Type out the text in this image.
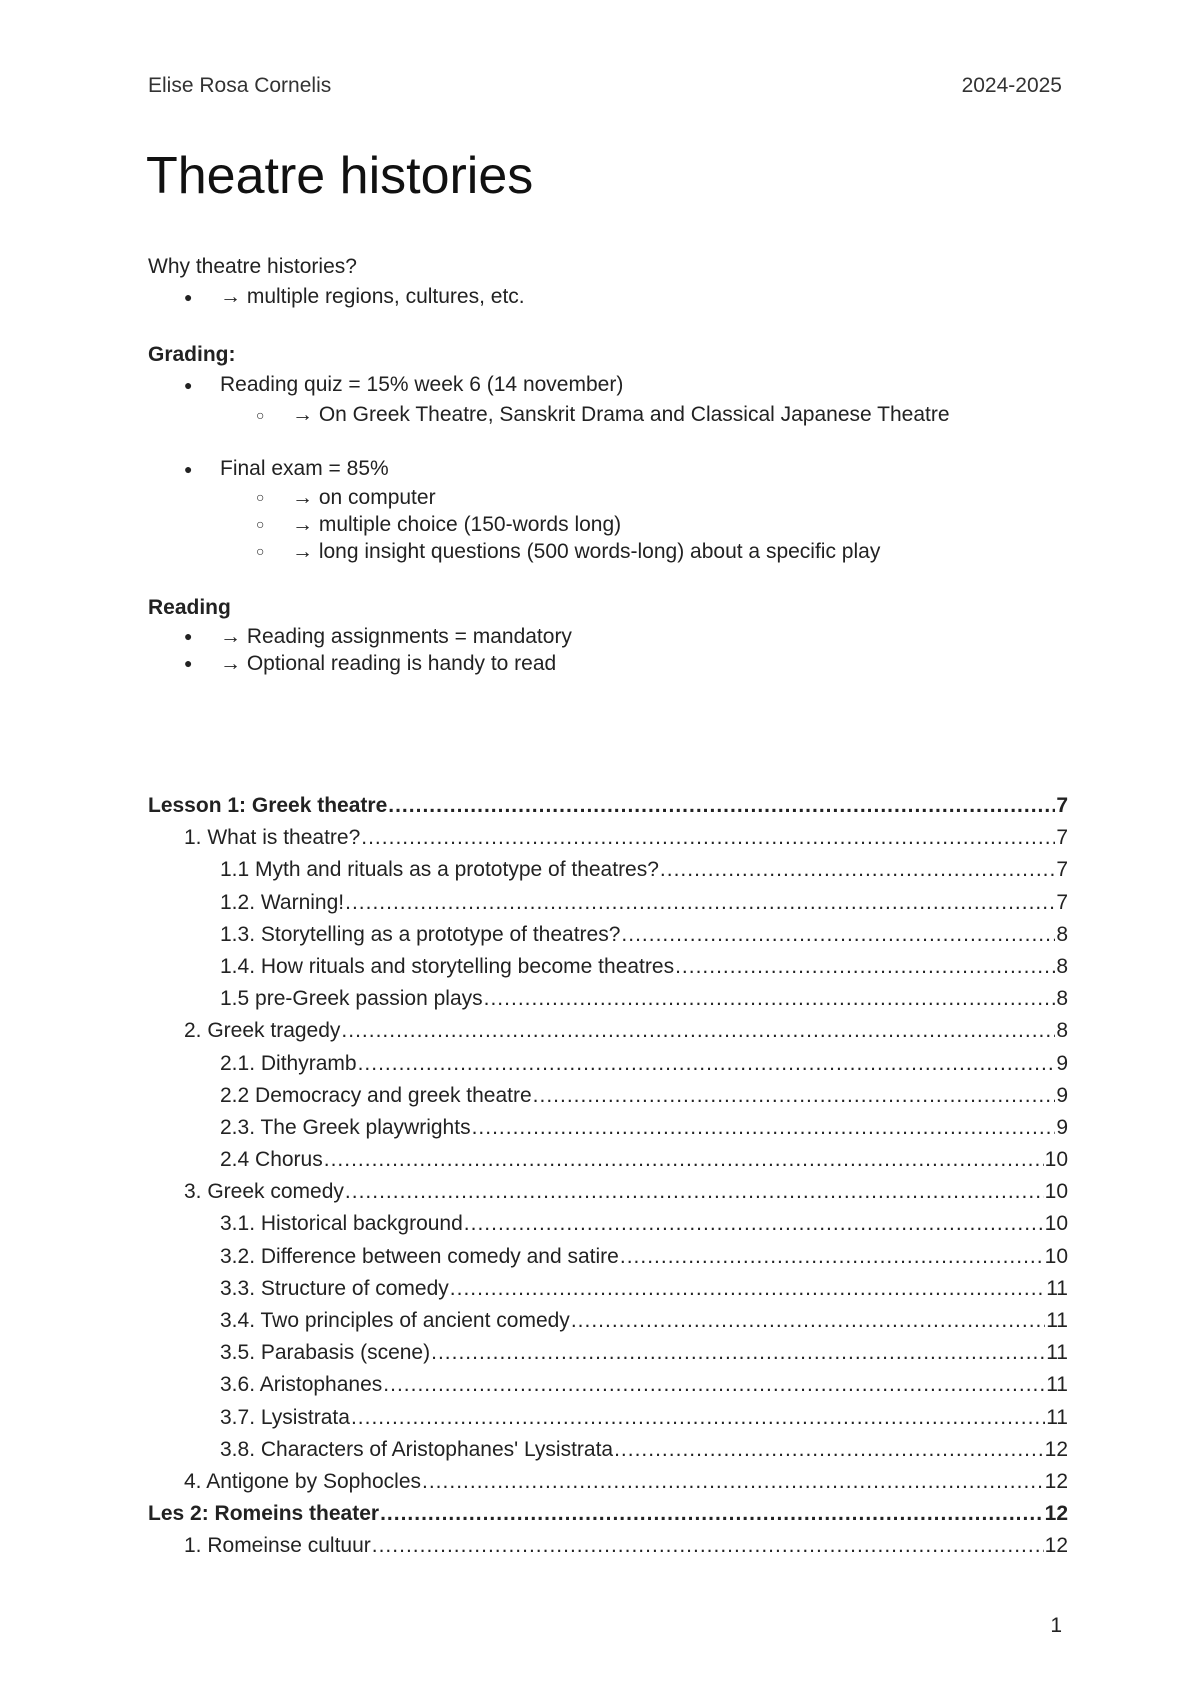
Elise Rosa Cornelis	2024-2025
Theatre histories
Why theatre histories?
● → multiple regions, cultures, etc.
Grading:
● Reading quiz = 15% week 6 (14 november)
○ → On Greek Theatre, Sanskrit Drama and Classical Japanese Theatre
● Final exam = 85%
○ → on computer
○ → multiple choice (150-words long)
○ → long insight questions (500 words-long) about a specific play
Reading
● → Reading assignments = mandatory
● → Optional reading is handy to read
Lesson 1: Greek theatre .....	7
1. What is theatre? .....	7
1.1 Myth and rituals as a prototype of theatres? .....	7
1.2. Warning! .....	7
1.3. Storytelling as a prototype of theatres? .....	8
1.4. How rituals and storytelling become theatres .....	8
1.5 pre-Greek passion plays .....	8
2. Greek tragedy .....	8
2.1. Dithyramb .....	9
2.2 Democracy and greek theatre .....	9
2.3. The Greek playwrights .....	9
2.4 Chorus .....	10
3. Greek comedy .....	10
3.1. Historical background .....	10
3.2. Difference between comedy and satire .....	10
3.3. Structure of comedy .....	11
3.4. Two principles of ancient comedy .....	11
3.5. Parabasis (scene) .....	11
3.6. Aristophanes .....	11
3.7. Lysistrata .....	11
3.8. Characters of Aristophanes' Lysistrata .....	12
4. Antigone by Sophocles .....	12
Les 2: Romeins theater .....	12
1. Romeinse cultuur .....	12
1
